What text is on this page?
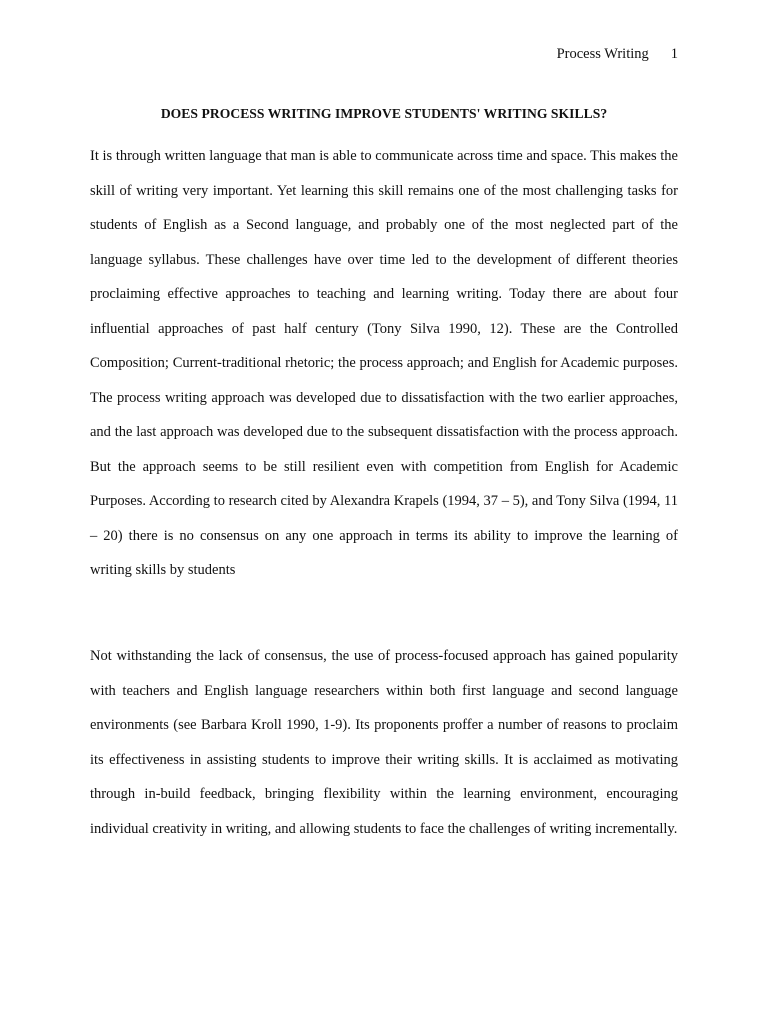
Process Writing 1
DOES PROCESS WRITING IMPROVE STUDENTS' WRITING SKILLS?

It is through written language that man is able to communicate across time and space. This makes the skill of writing very important. Yet learning this skill remains one of the most challenging tasks for students of English as a Second language, and probably one of the most neglected part of the language syllabus. These challenges have over time led to the development of different theories proclaiming effective approaches to teaching and learning writing. Today there are about four influential approaches of past half century (Tony Silva 1990, 12). These are the Controlled Composition; Current-traditional rhetoric; the process approach; and English for Academic purposes. The process writing approach was developed due to dissatisfaction with the two earlier approaches, and the last approach was developed due to the subsequent dissatisfaction with the process approach. But the approach seems to be still resilient even with competition from English for Academic Purposes. According to research cited by Alexandra Krapels (1994, 37 – 5), and Tony Silva (1994, 11 – 20) there is no consensus on any one approach in terms its ability to improve the learning of writing skills by students

Not withstanding the lack of consensus, the use of process-focused approach has gained popularity with teachers and English language researchers within both first language and second language environments (see Barbara Kroll 1990, 1-9). Its proponents proffer a number of reasons to proclaim its effectiveness in assisting students to improve their writing skills. It is acclaimed as motivating through in-build feedback, bringing flexibility within the learning environment, encouraging individual creativity in writing, and allowing students to face the challenges of writing incrementally.
